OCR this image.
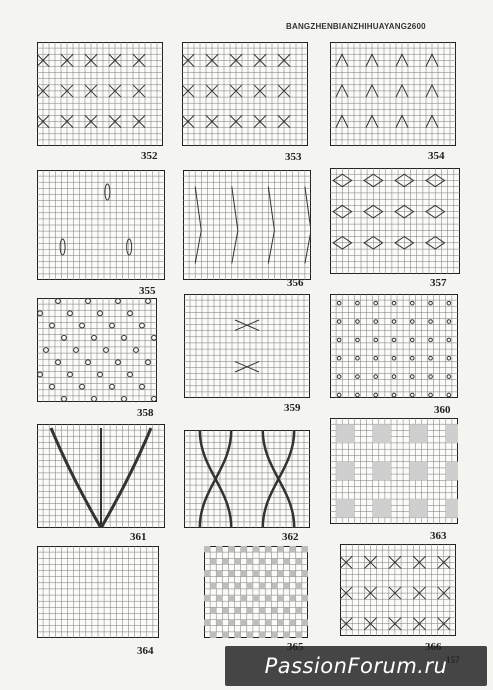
BANGZHENBIANZHIHUAYANG2600
352	353	354
355
356	357
358	359	360
361	362	363
364
PassionForum.ru
